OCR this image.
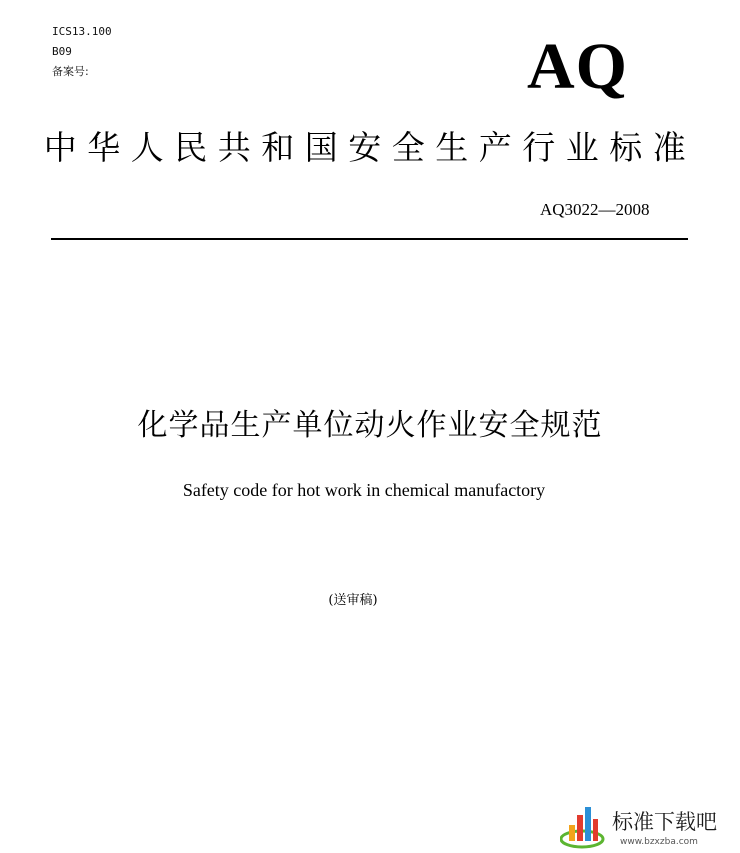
ICS13.100
B09
备案号:	AQ
中华人民共和国安全生产行业标准
AQ3022—2008
化学品生产单位动火作业安全规范
Safety code for hot work in chemical manufactory
(送审稿)
标准下载吧
www.bzxzba.com
